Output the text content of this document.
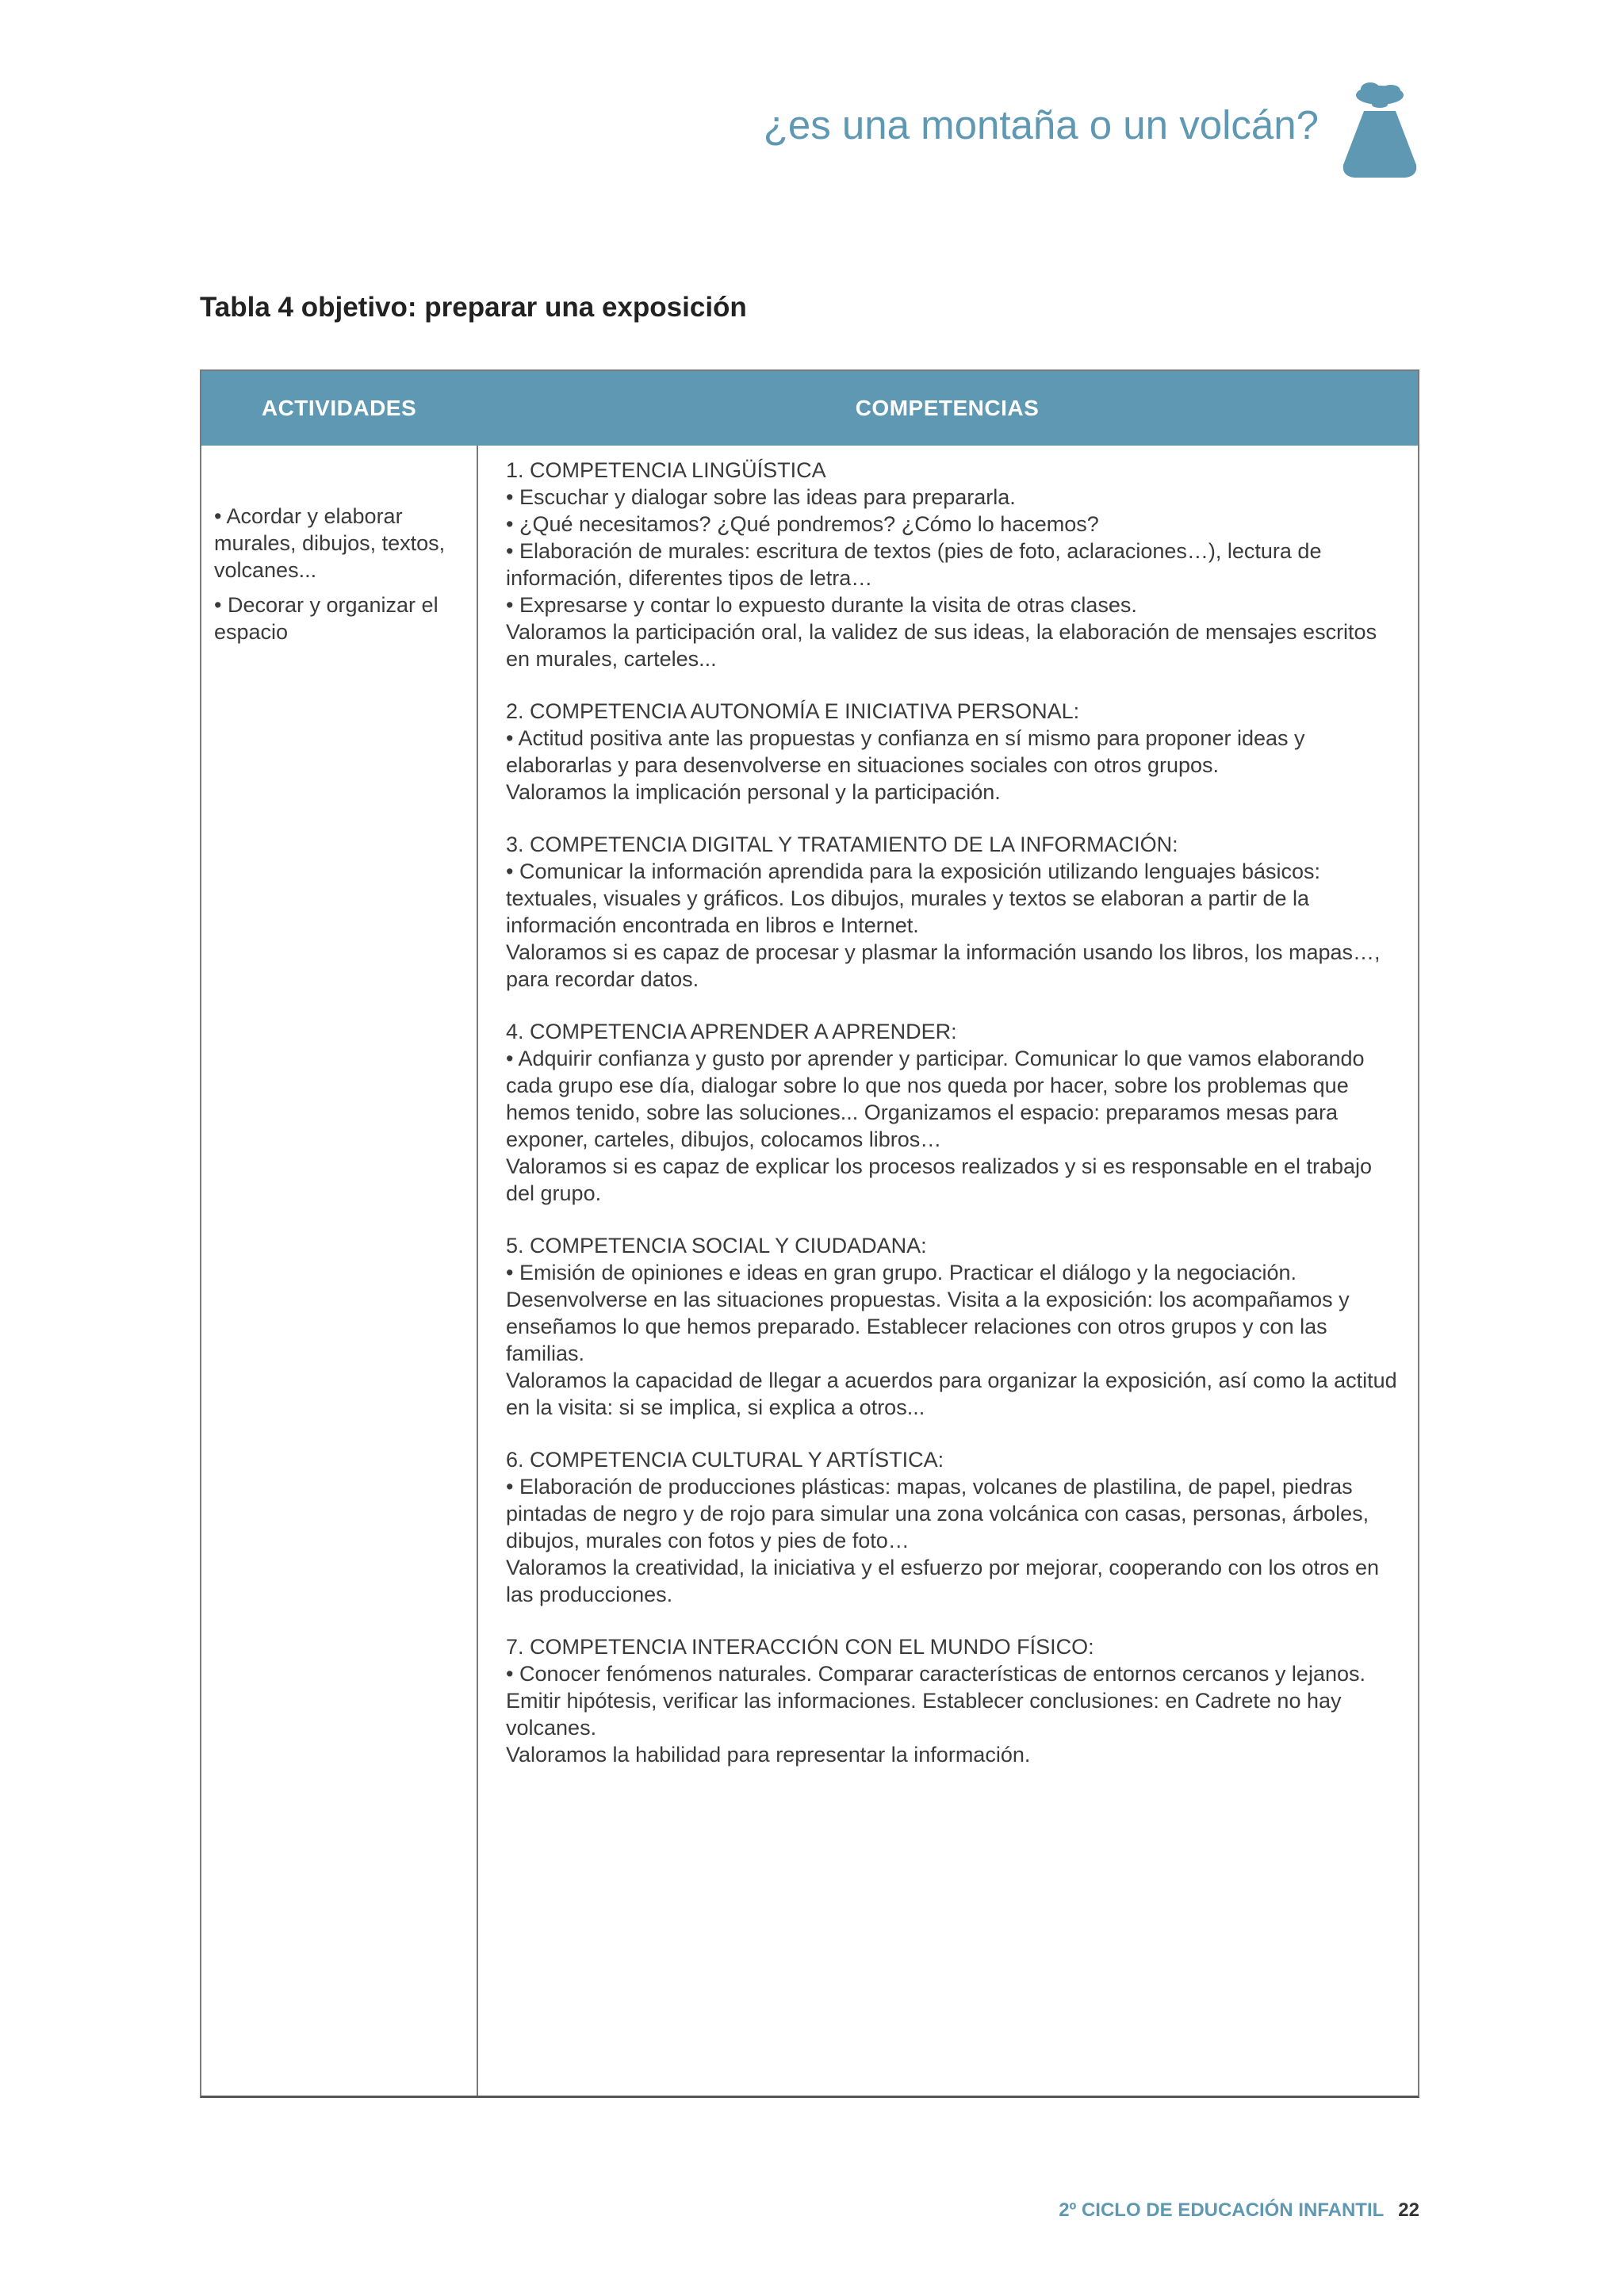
¿es una montaña o un volcán?
Tabla 4 objetivo: preparar una exposición
ACTIVIDADES	COMPETENCIAS

• Acordar y elaborar murales, dibujos, textos, volcanes...

• Decorar y organizar el espacio

1. COMPETENCIA LINGÜÍSTICA
• Escuchar y dialogar sobre las ideas para prepararla.
• ¿Qué necesitamos? ¿Qué pondremos? ¿Cómo lo hacemos?
• Elaboración de murales: escritura de textos (pies de foto, aclaraciones…), lectura de información, diferentes tipos de letra…
• Expresarse y contar lo expuesto durante la visita de otras clases.
Valoramos la participación oral, la validez de sus ideas, la elaboración de mensajes escritos en murales, carteles...
2. COMPETENCIA AUTONOMÍA E INICIATIVA PERSONAL:
• Actitud positiva ante las propuestas y confianza en sí mismo para proponer ideas y elaborarlas y para desenvolverse en situaciones sociales con otros grupos.
Valoramos la implicación personal y la participación.
3. COMPETENCIA DIGITAL Y TRATAMIENTO DE LA INFORMACIÓN:
• Comunicar la información aprendida para la exposición utilizando lenguajes básicos: textuales, visuales y gráficos. Los dibujos, murales y textos se elaboran a partir de la información encontrada en libros e Internet.
Valoramos si es capaz de procesar y plasmar la información usando los libros, los mapas…, para recordar datos.
4. COMPETENCIA APRENDER A APRENDER:
• Adquirir confianza y gusto por aprender y participar. Comunicar lo que vamos elaborando cada grupo ese día, dialogar sobre lo que nos queda por hacer, sobre los problemas que hemos tenido, sobre las soluciones... Organizamos el espacio: preparamos mesas para exponer, carteles, dibujos, colocamos libros…
Valoramos si es capaz de explicar los procesos realizados y si es responsable en el trabajo del grupo.
5. COMPETENCIA SOCIAL Y CIUDADANA:
• Emisión de opiniones e ideas en gran grupo. Practicar el diálogo y la negociación. Desenvolverse en las situaciones propuestas. Visita a la exposición: los acompañamos y enseñamos lo que hemos preparado. Establecer relaciones con otros grupos y con las familias.
Valoramos la capacidad de llegar a acuerdos para organizar la exposición, así como la actitud en la visita: si se implica, si explica a otros...
6. COMPETENCIA CULTURAL Y ARTÍSTICA:
• Elaboración de producciones plásticas: mapas, volcanes de plastilina, de papel, piedras pintadas de negro y de rojo para simular una zona volcánica con casas, personas, árboles, dibujos, murales con fotos y pies de foto…
Valoramos la creatividad, la iniciativa y el esfuerzo por mejorar, cooperando con los otros en las producciones.
7. COMPETENCIA INTERACCIÓN CON EL MUNDO FÍSICO:
• Conocer fenómenos naturales. Comparar características de entornos cercanos y lejanos. Emitir hipótesis, verificar las informaciones. Establecer conclusiones: en Cadrete no hay volcanes.
Valoramos la habilidad para representar la información.
2º CICLO DE EDUCACIÓN INFANTIL 22
